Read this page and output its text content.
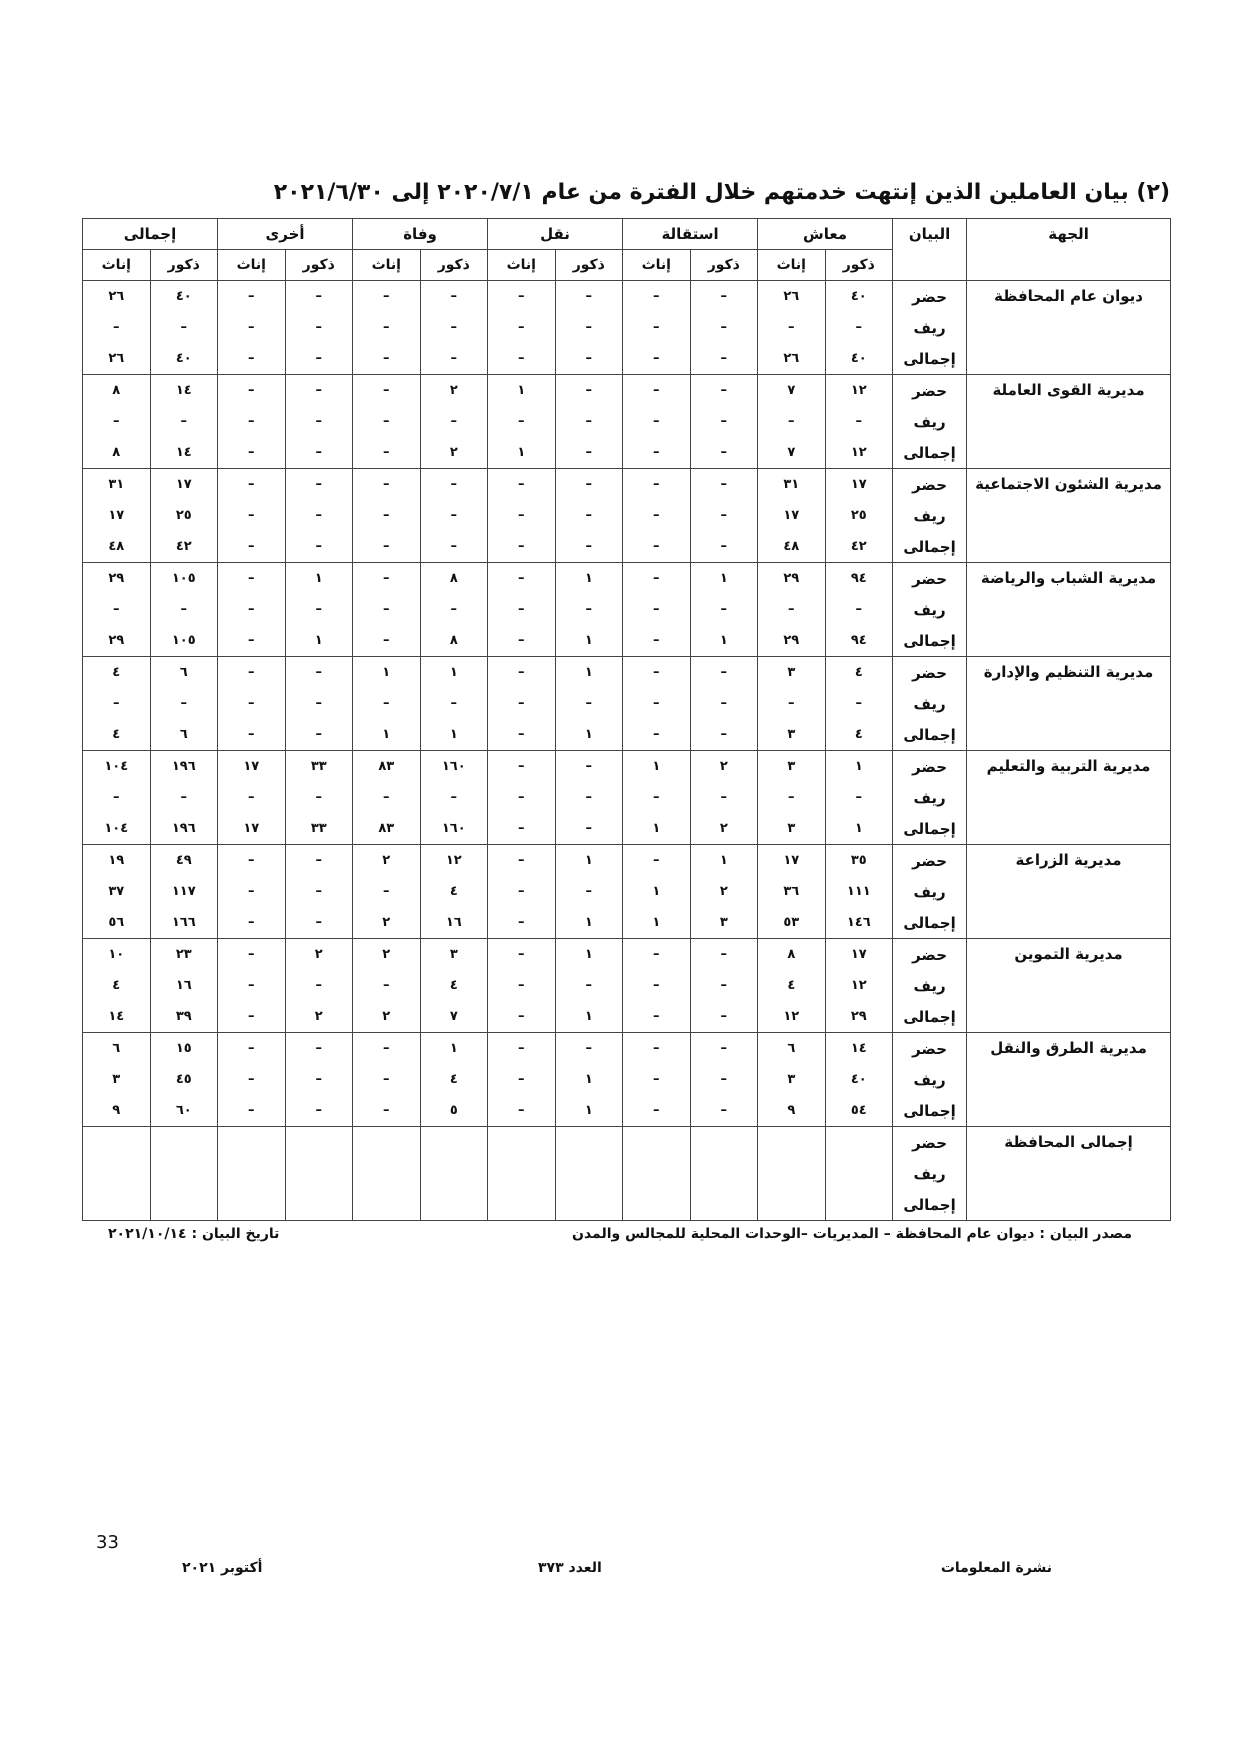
(٢) بيان العاملين الذين إنتهت خدمتهم خلال الفترة من عام ٢٠٢٠/٧/١ إلى ٢٠٢١/٦/٣٠
الجهة	البيان	معاش		استقالة		نقل		وفاة		أخرى		إجمالى	
		ذكور	إناث	ذكور	إناث	ذكور	إناث	ذكور	إناث	ذكور	إناث	ذكور	إناث
ديوان عام المحافظة	حضر	٤٠	٢٦	–	–	–	–	–	–	–	–	٤٠	٢٦
	ريف	–	–	–	–	–	–	–	–	–	–	–	–
	إجمالى	٤٠	٢٦	–	–	–	–	–	–	–	–	٤٠	٢٦
مديرية القوى العاملة	حضر	١٢	٧	–	–	–	١	٢	–	–	–	١٤	٨
	ريف	–	–	–	–	–	–	–	–	–	–	–	–
	إجمالى	١٢	٧	–	–	–	١	٢	–	–	–	١٤	٨
مديرية الشئون الاجتماعية	حضر	١٧	٣١	–	–	–	–	–	–	–	–	١٧	٣١
	ريف	٢٥	١٧	–	–	–	–	–	–	–	–	٢٥	١٧
	إجمالى	٤٢	٤٨	–	–	–	–	–	–	–	–	٤٢	٤٨
مديرية الشباب والرياضة	حضر	٩٤	٢٩	١	–	١	–	٨	–	١	–	١٠٥	٢٩
	ريف	–	–	–	–	–	–	–	–	–	–	–	–
	إجمالى	٩٤	٢٩	١	–	١	–	٨	–	١	–	١٠٥	٢٩
مديرية التنظيم والإدارة	حضر	٤	٣	–	–	١	–	١	١	–	–	٦	٤
	ريف	–	–	–	–	–	–	–	–	–	–	–	–
	إجمالى	٤	٣	–	–	١	–	١	١	–	–	٦	٤
مديرية التربية والتعليم	حضر	١	٣	٢	١	–	–	١٦٠	٨٣	٣٣	١٧	١٩٦	١٠٤
	ريف	–	–	–	–	–	–	–	–	–	–	–	–
	إجمالى	١	٣	٢	١	–	–	١٦٠	٨٣	٣٣	١٧	١٩٦	١٠٤
مديرية الزراعة	حضر	٣٥	١٧	١	–	١	–	١٢	٢	–	–	٤٩	١٩
	ريف	١١١	٣٦	٢	١	–	–	٤	–	–	–	١١٧	٣٧
	إجمالى	١٤٦	٥٣	٣	١	١	–	١٦	٢	–	–	١٦٦	٥٦
مديرية التموين	حضر	١٧	٨	–	–	١	–	٣	٢	٢	–	٢٣	١٠
	ريف	١٢	٤	–	–	–	–	٤	–	–	–	١٦	٤
	إجمالى	٢٩	١٢	–	–	١	–	٧	٢	٢	–	٣٩	١٤
مديرية الطرق والنقل	حضر	١٤	٦	–	–	–	–	١	–	–	–	١٥	٦
	ريف	٤٠	٣	–	–	١	–	٤	–	–	–	٤٥	٣
	إجمالى	٥٤	٩	–	–	١	–	٥	–	–	–	٦٠	٩
إجمالى المحافظة	حضر												
	ريف												
	إجمالى												
مصدر البيان : ديوان عام المحافظة – المديريات –الوحدات المحلية للمجالس والمدن
تاريخ البيان : ٢٠٢١/١٠/١٤
33
نشرة المعلومات
العدد ٣٧٣
أكتوبر ٢٠٢١
